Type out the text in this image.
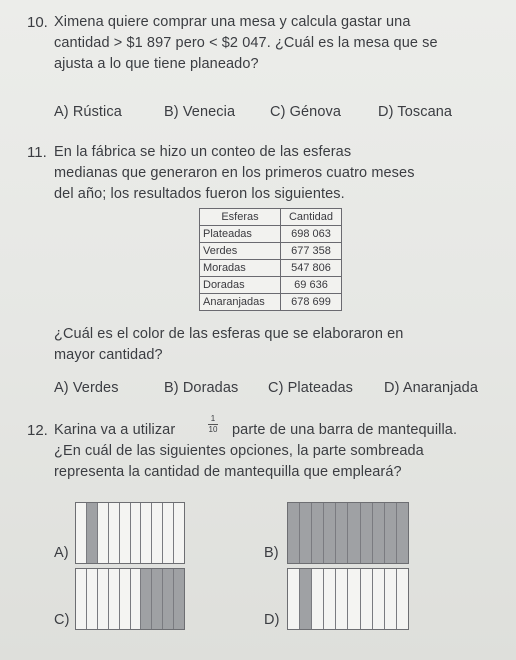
10. Ximena quiere comprar una mesa y calcula gastar una
cantidad > $1 897 pero < $2 047. ¿Cuál es la mesa que se
ajusta a lo que tiene planeado?
A) Rústica	B) Venecia C) Génova	D) Toscana
11. En la fábrica se hizo un conteo de las esferas
medianas que generaron en los primeros cuatro meses
del año; los resultados fueron los siguientes.
Esferas	Cantidad
Plateadas	698 063
Verdes	677 358
Moradas	547 806
Doradas	69 636
Anaranjadas	678 699
¿Cuál es el color de las esferas que se elaboraron en
mayor cantidad?
A) Verdes	B) Doradas C) Plateadas D) Anaranjada
12. Karina va a utilizar
1
10 parte de una barra de mantequilla.
¿En cuál de las siguientes opciones, la parte sombreada
representa la cantidad de mantequilla que empleará?
A)	B)
C)	D)
